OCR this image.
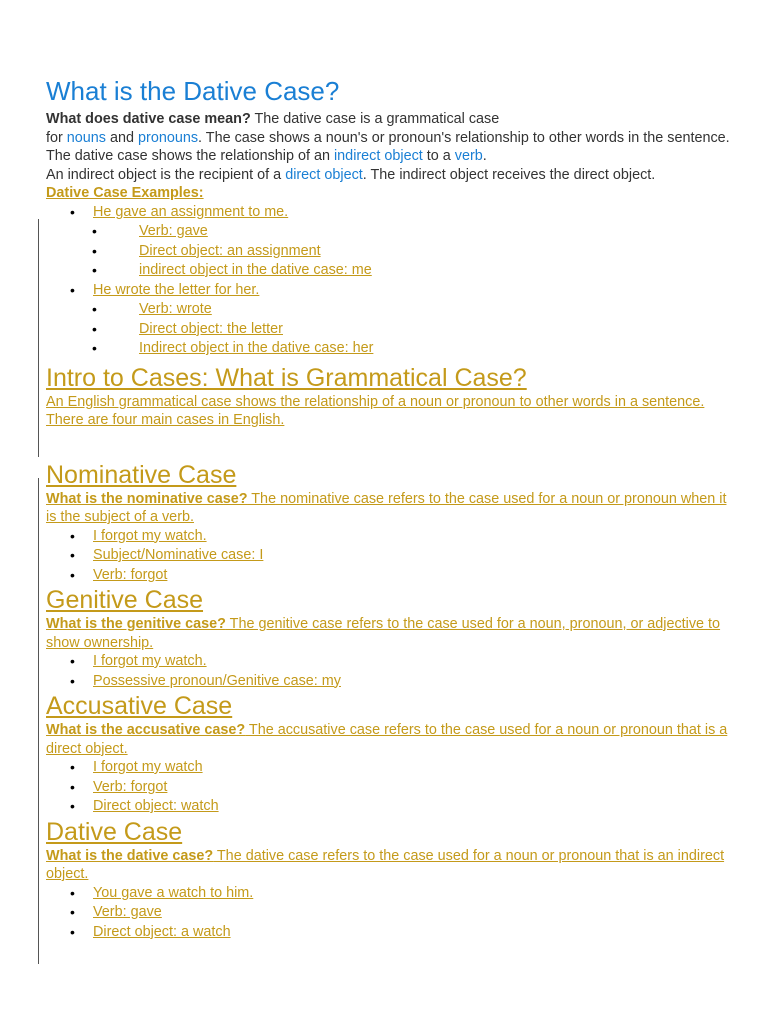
What is the Dative Case?

What does dative case mean? The dative case is a grammatical case
for nouns and pronouns. The case shows a noun's or pronoun's relationship to other words in the sentence.

The dative case shows the relationship of an indirect object to a verb.

An indirect object is the recipient of a direct object. The indirect object receives the direct object.

Dative Case Examples:
• He gave an assignment to me.
• Verb: gave
• Direct object: an assignment
• indirect object in the dative case: me
• He wrote the letter for her.
• Verb: wrote
• Direct object: the letter
• Indirect object in the dative case: her
Intro to Cases: What is Grammatical Case?

An English grammatical case shows the relationship of a noun or pronoun to other words in a sentence. There are four main cases in English.

Nominative Case

What is the nominative case? The nominative case refers to the case used for a noun or pronoun when it is the subject of a verb.

• I forgot my watch.
• Subject/Nominative case: I
• Verb: forgot
Genitive Case

What is the genitive case? The genitive case refers to the case used for a noun, pronoun, or adjective to show ownership.

• I forgot my watch.
• Possessive pronoun/Genitive case: my
Accusative Case

What is the accusative case? The accusative case refers to the case used for a noun or pronoun that is a direct object.

• I forgot my watch
• Verb: forgot
• Direct object: watch
Dative Case

What is the dative case? The dative case refers to the case used for a noun or pronoun that is an indirect object.

• You gave a watch to him.
• Verb: gave
• Direct object: a watch
